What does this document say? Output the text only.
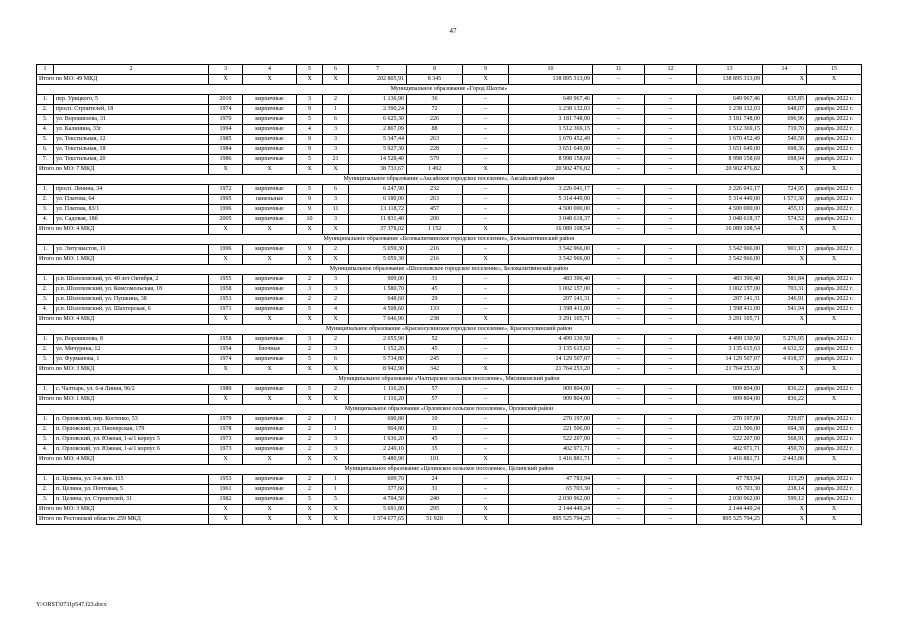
47
1	2	3	4	5	6	7	8	9	10	11	12	13	14	15
Итого по МО: 49 МКД		X	X	X	X	202 805,91	8 345	X	138 895 313,09	–	–	138 895 313,09	X	X
Муниципальное образование «Город Шахты»														
1.	пер. Урицкого, 5	2010	кирпичные	3	2	1 136,90	36	–	649 967,46	–	–	649 967,46	635,85	декабрь 2022 г.
2.	просп. Строителей, 18	1974	кирпичные	9	1	2 390,24	72	–	1 238 132,03	–	–	1 238 132,03	648,07	декабрь 2022 г.
3.	ул. Ворошилова, 31	1970	кирпичные	5	6	6 625,30	226	–	3 181 748,00	–	–	3 181 748,00	696,96	декабрь 2022 г.
4.	ул. Калинина, 33г	1994	кирпичные	4	3	2 867,09	88	–	1 512 369,15	–	–	1 512 369,15	719,70	декабрь 2022 г.
5.	ул. Текстильная, 12	1985	кирпичные	9	3	5 347,44	263	–	1 670 452,49	–	–	1 670 452,49	540,58	декабрь 2022 г.
6.	ул. Текстильная, 18	1984	кирпичные	9	3	5 927,30	228	–	3 651 649,00	–	–	3 651 649,00	698,36	декабрь 2022 г.
7.	ул. Текстильная, 20	1986	кирпичные	5	21	14 528,40	579	–	8 998 158,69	–	–	8 998 158,69	698,94	декабрь 2022 г.
Итого по МО: 7 МКД		X	X	X	X	38 733,67	1 492	X	20 902 476,82	–	–	20 902 476,82	X	X
Муниципальное образование «Аксайское городское поселение», Аксайский район														
1.	просп. Ленина, 34	1972	кирпичные	5	6	6 247,90	232	–	3 226 041,17	–	–	3 226 041,17	724,95	декабрь 2022 г.
2.	ул. Платова, 64	1995	панельные	9	3	6 180,00	263	–	5 314 449,00	–	–	5 314 449,00	1 571,30	декабрь 2022 г.
3.	ул. Платова, 83/1	1996	кирпичные	9	11	13 118,72	457	–	4 500 000,00	–	–	4 500 000,00	455,11	декабрь 2022 г.
4.	ул. Садовая, 18б	2005	кирпичные	10	3	11 831,40	200	–	3 048 618,37	–	–	3 048 618,37	574,52	декабрь 2022 г.
Итого по МО: 4 МКД		X	X	X	X	37 378,02	1 152	X	16 089 108,54	–	–	16 089 108,54	X	X
Муниципальное образование «Белокалитвинское городское поселение», Белокалитвинский район														
1.	ул. Энтузиастов, 11	1996	кирпичные	9	2	5 059,30	216	–	3 542 966,00	–	–	3 542 966,00	901,17	декабрь 2022 г.
Итого по МО: 1 МКД		X	X	X	X	5 059,30	216	X	3 542 966,00	–	–	3 542 966,00	X	X
Муниципальное образование «Шолоховское городское поселение», Белокалитвинский район														
1.	р.п. Шолоховский, ул. 40 лет Октября, 2	1955	кирпичные	2	3	909,00	31	–	483 396,40	–	–	483 396,40	581,84	декабрь 2022 г.
2.	р.п. Шолоховский, ул. Комсомольская, 18	1958	кирпичные	3	3	1 580,70	45	–	1 002 157,00	–	–	1 002 157,00	703,31	декабрь 2022 г.
3.	р.п. Шолоховский, ул. Пушкина, 38	1953	кирпичные	2	2	648,60	29	–	207 141,31	–	–	207 141,31	346,91	декабрь 2022 г.
4.	р.п. Шолоховский, ул. Шахтерская, 6	1971	кирпичные	5	4	4 508,60	133	–	1 598 411,00	–	–	1 598 411,00	541,94	декабрь 2022 г.
Итого по МО: 4 МКД		X	X	X	X	7 646,90	238	X	3 291 105,71	–	–	3 291 105,71	X	X
Муниципальное образование «Красносулинское городское поселение», Красносулинский район														
1.	ул. Ворошилова, 8	1958	кирпичные	3	2	2 055,90	52	–	4 499 130,50	–	–	4 499 130,50	5 276,95	декабрь 2022 г.
2.	ул. Мичурина, 12	1954	блочные	2	3	1 152,20	45	–	3 135 615,63	–	–	3 135 615,63	4 632,32	декабрь 2022 г.
3.	ул. Фурманова, 1	1974	кирпичные	5	6	5 734,80	245	–	14 129 507,07	–	–	14 129 507,07	4 918,37	декабрь 2022 г.
Итого по МО: 3 МКД		X	X	X	X	8 942,90	342	X	21 764 253,20	–	–	21 764 253,20	X	X
Муниципальное образование «Чалтырское сельское поселение», Мясниковский район														
1.	с. Чалтырь, ул. 6-я Линия, 96/2	1989	кирпичные	5	2	1 116,20	57	–	909 804,00	–	–	909 804,00	836,22	декабрь 2022 г.
Итого по МО: 1 МКД		X	X	X	X	1 116,20	57	–	909 804,00	–	–	909 804,00	836,22	X
Муниципальное образование «Орловское сельское поселение», Орловский район														
1.	п. Орловский, пер. Костенко, 53	1979	кирпичные	2	1	690,80	10	–	270 197,00	–	–	270 197,00	729,87	декабрь 2022 г.
2.	п. Орловский, ул. Пионерская, 179	1978	кирпичные	2	1	904,80	11	–	221 506,00	–	–	221 506,00	694,38	декабрь 2022 г.
3.	п. Орловский, ул. Южная, 1-а/1 корпус 5	1973	кирпичные	2	3	1 636,20	45	–	522 207,00	–	–	522 207,00	568,91	декабрь 2022 г.
4.	п. Орловский, ул. Южная, 1-а/1 корпус 6	1973	кирпичные	2	3	2 249,10	35	–	402 971,71	–	–	402 971,71	450,70	декабрь 2022 г.
Итого по МО: 4 МКД		X	X	X	X	5 480,90	101	X	1 416 881,71	–	–	1 416 881,71	2 443,86	X
Муниципальное образование «Целинское сельское поселение», Целинский район														
1.	п. Целина, ул. 3-я лин. 115	1953	кирпичные	2	1	609,70	24	–	47 783,94	–	–	47 783,94	113,29	декабрь 2022 г.
2.	п. Целина, ул. Почтовая, 5	1961	кирпичные	2	1	377,60	31	–	65 703,30	–	–	65 703,30	238,14	декабрь 2022 г.
3.	п. Целина, ул. Строителей, 31	1982	кирпичные	5	5	4 704,50	240	–	2 030 962,00	–	–	2 030 962,00	599,12	декабрь 2022 г.
Итого по МО: 3 МКД		X	X	X	X	5 691,80	295	X	2 144 449,24	–	–	2 144 449,24	X	X
Итого по Ростовской области: 259 МКД		X	X	X	X	1 374 677,65	51 920	X	895 525 794,25	–	–	895 525 794,25	X	X
Y:\ORST\0731p547.f23.docx
